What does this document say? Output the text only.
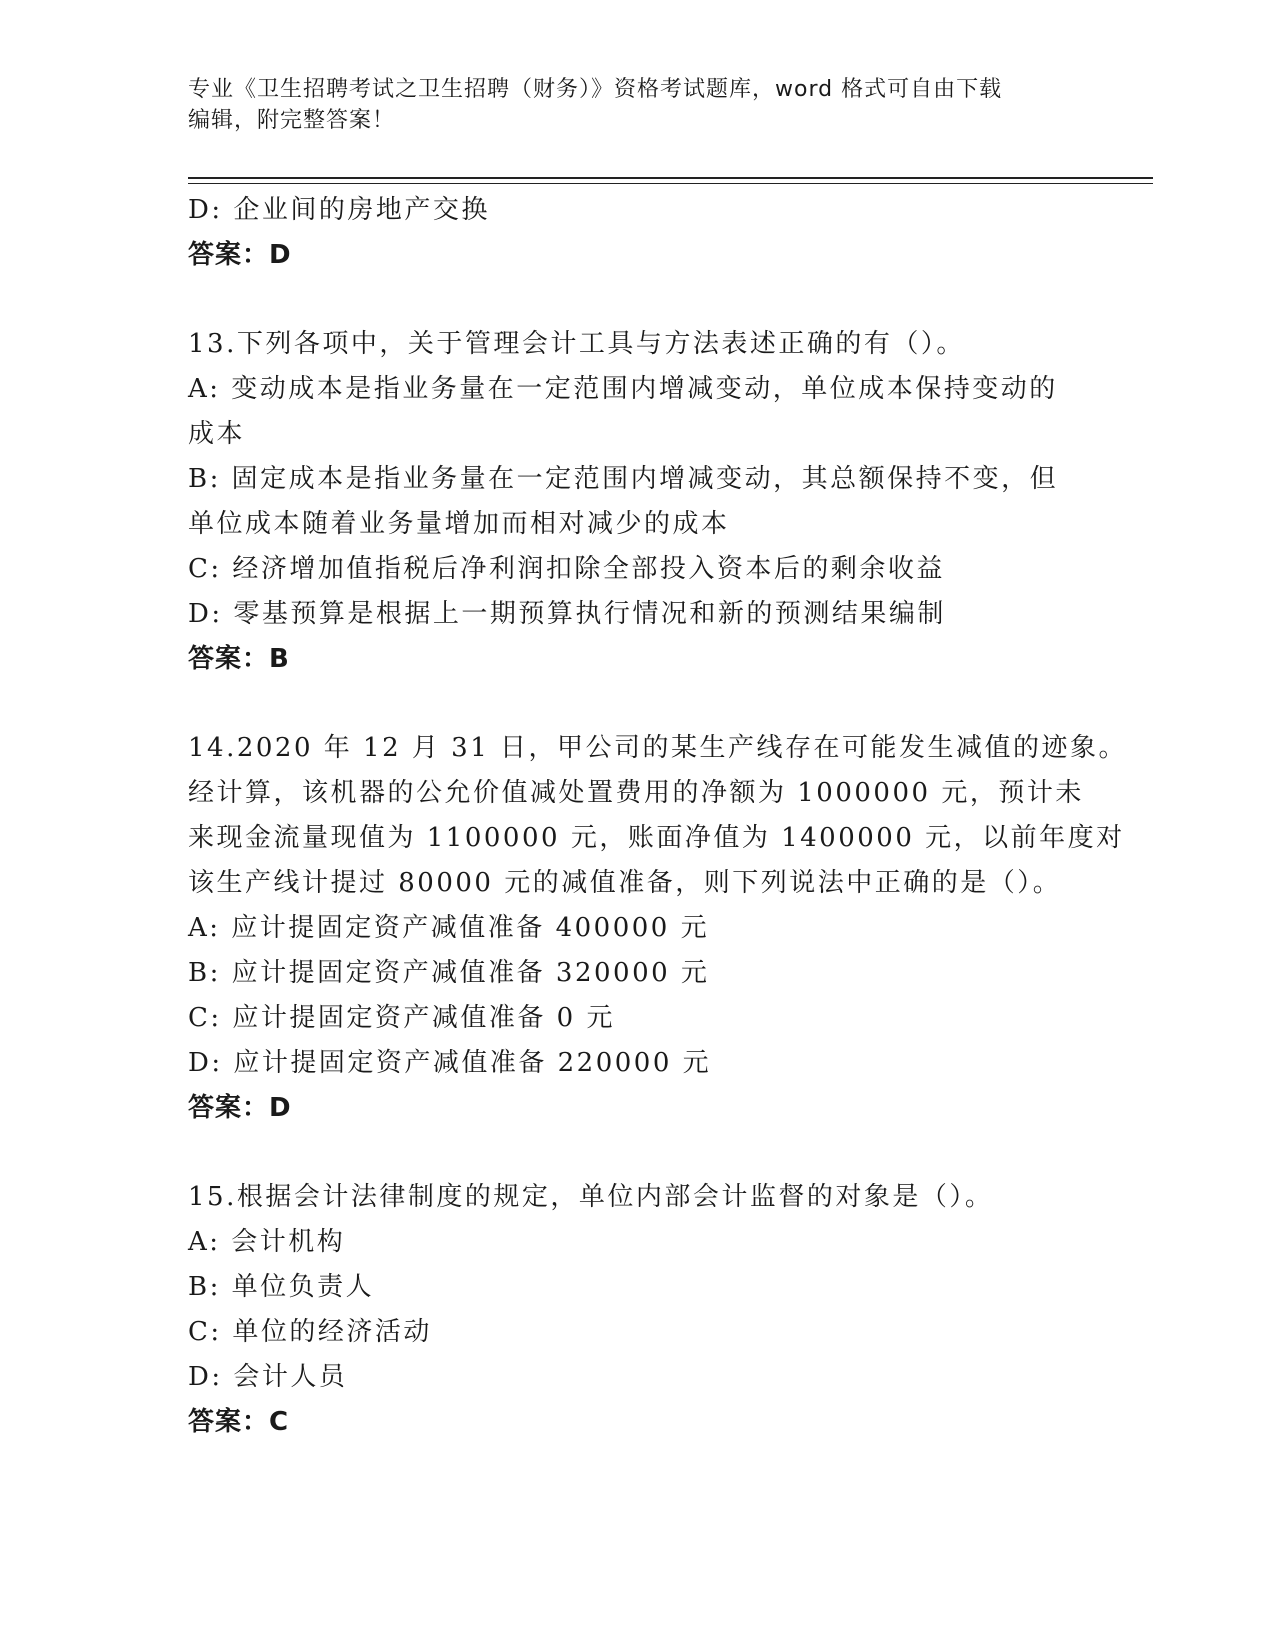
专业《卫生招聘考试之卫生招聘（财务）》资格考试题库，word 格式可自由下载
编辑，附完整答案！
D: 企业间的房地产交换
答案：D
13.下列各项中，关于管理会计工具与方法表述正确的有（）。
A: 变动成本是指业务量在一定范围内增减变动，单位成本保持变动的
成本
B: 固定成本是指业务量在一定范围内增减变动，其总额保持不变，但
单位成本随着业务量增加而相对减少的成本
C: 经济增加值指税后净利润扣除全部投入资本后的剩余收益
D: 零基预算是根据上一期预算执行情况和新的预测结果编制
答案：B
14.2020 年 12 月 31 日，甲公司的某生产线存在可能发生减值的迹象。
经计算，该机器的公允价值减处置费用的净额为 1000000 元，预计未
来现金流量现值为 1100000 元，账面净值为 1400000 元，以前年度对
该生产线计提过 80000 元的减值准备，则下列说法中正确的是（）。
A: 应计提固定资产减值准备 400000 元
B: 应计提固定资产减值准备 320000 元
C: 应计提固定资产减值准备 0 元
D: 应计提固定资产减值准备 220000 元
答案：D
15.根据会计法律制度的规定，单位内部会计监督的对象是（）。
A: 会计机构
B: 单位负责人
C: 单位的经济活动
D: 会计人员
答案：C
